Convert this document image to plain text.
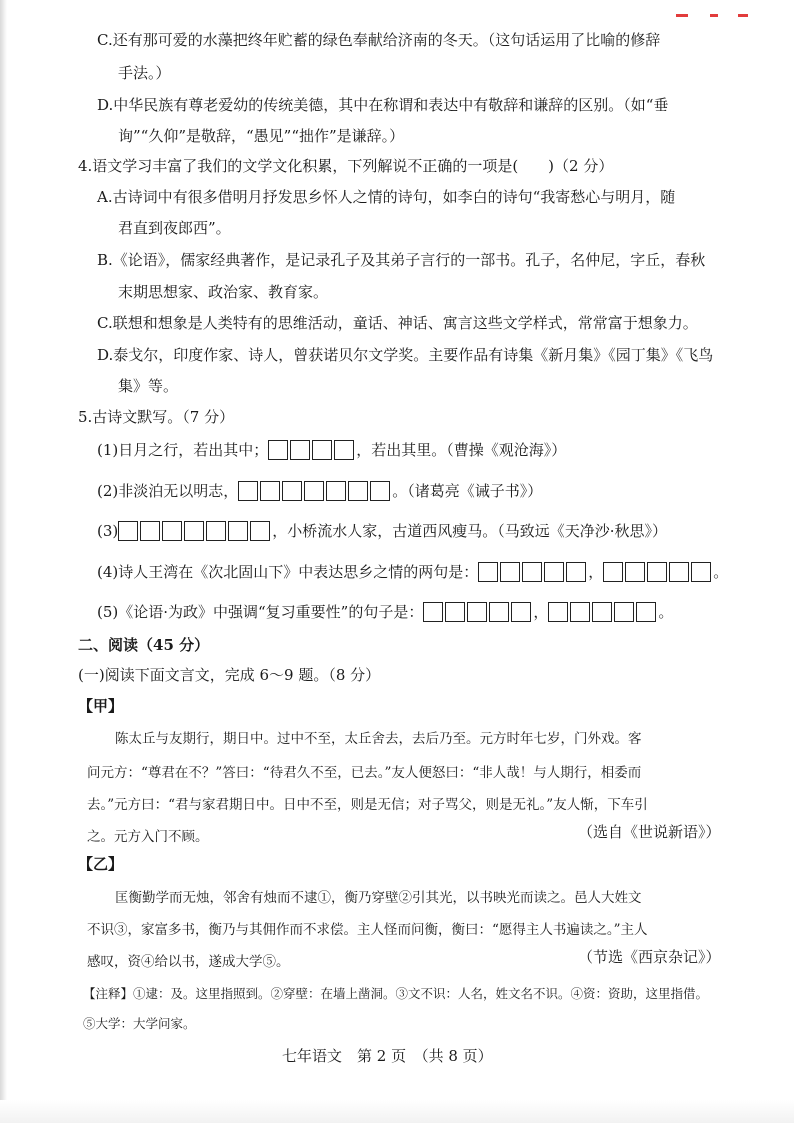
C.还有那可爱的水藻把终年贮蓄的绿色奉献给济南的冬天。（这句话运用了比喻的修辞
手法。）
D.中华民族有尊老爱幼的传统美德，其中在称谓和表达中有敬辞和谦辞的区别。（如“垂
询”“久仰”是敬辞，“愚见”“拙作”是谦辞。）
4.语文学习丰富了我们的文学文化积累，下列解说不正确的一项是(　　)（2 分）
A.古诗词中有很多借明月抒发思乡怀人之情的诗句，如李白的诗句“我寄愁心与明月，随
君直到夜郎西”。
B.《论语》，儒家经典著作，是记录孔子及其弟子言行的一部书。孔子，名仲尼，字丘，春秋
末期思想家、政治家、教育家。
C.联想和想象是人类特有的思维活动，童话、神话、寓言这些文学样式，常常富于想象力。
D.泰戈尔，印度作家、诗人，曾获诺贝尔文学奖。主要作品有诗集《新月集》《园丁集》《飞鸟
集》等。
5.古诗文默写。（7 分）
(1)日月之行，若出其中；	，若出其里。（曹操《观沧海》）
(2)非淡泊无以明志，	。（诸葛亮《诫子书》）
(3)	，小桥流水人家，古道西风瘦马。（马致远《天净沙·秋思》）
(4)诗人王湾在《次北固山下》中表达思乡之情的两句是：	，	。
(5)《论语·为政》中强调“复习重要性”的句子是：	，	。
二、阅读（45 分）
(一)阅读下面文言文，完成 6～9 题。（8 分）
【甲】
陈太丘与友期行，期日中。过中不至，太丘舍去，去后乃至。元方时年七岁，门外戏。客
问元方：“尊君在不？”答曰：“待君久不至，已去。”友人便怒曰：“非人哉！与人期行，相委而
去。”元方曰：“君与家君期日中。日中不至，则是无信；对子骂父，则是无礼。”友人惭，下车引
之。元方入门不顾。	（选自《世说新语》）
【乙】
匡衡勤学而无烛，邻舍有烛而不逮①，衡乃穿壁②引其光，以书映光而读之。邑人大姓文
不识③，家富多书，衡乃与其佣作而不求偿。主人怪而问衡，衡曰：“愿得主人书遍读之。”主人
感叹，资④给以书，遂成大学⑤。	（节选《西京杂记》）
【注释】①逮：及。这里指照到。②穿壁：在墙上凿洞。③文不识：人名，姓文名不识。④资：资助，这里指借。
⑤大学：大学问家。
七年语文　第 2 页　（共 8 页）
